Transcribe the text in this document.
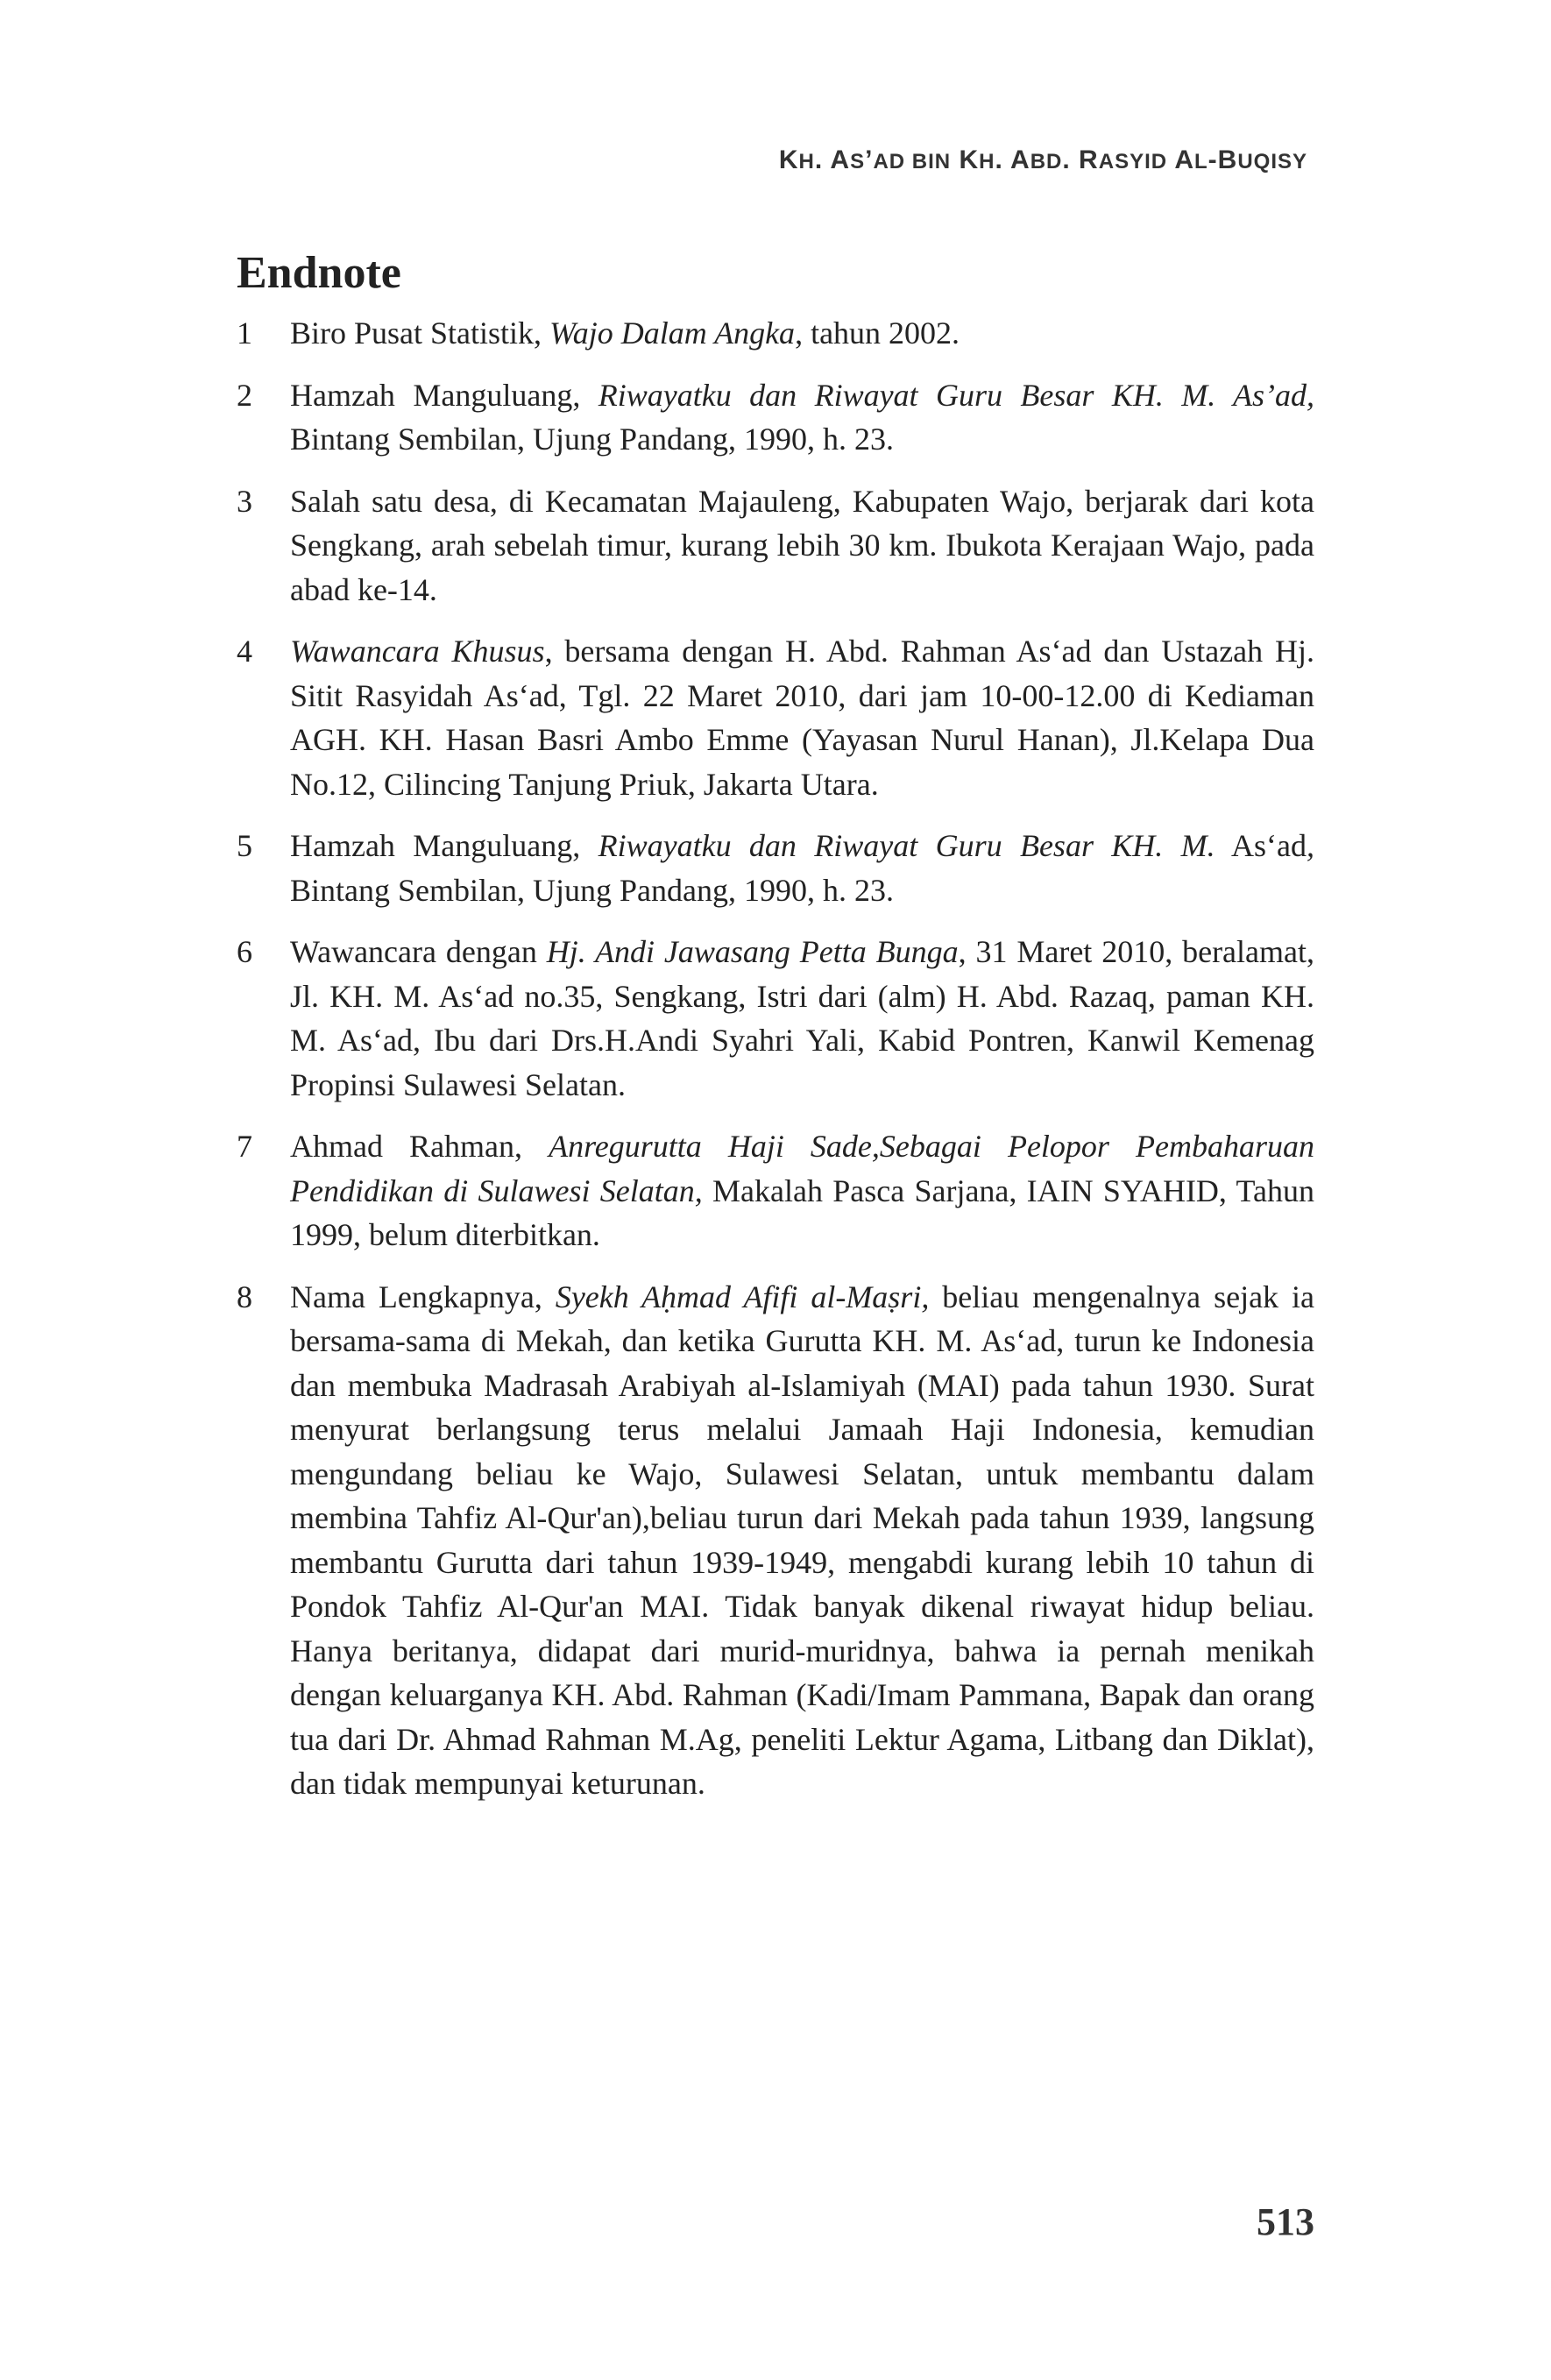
KH. AS’AD BIN KH. ABD. RASYID AL-BUQISY
Endnote
1	Biro Pusat Statistik, Wajo Dalam Angka, tahun 2002.

2	Hamzah Manguluang, Riwayatku dan Riwayat Guru Besar KH. M. As’ad, Bintang Sembilan, Ujung Pandang, 1990, h. 23.

3	Salah satu desa, di Kecamatan Majauleng, Kabupaten Wajo, berjarak dari kota Sengkang, arah sebelah timur, kurang lebih 30 km. Ibukota Kerajaan Wajo, pada abad ke-14.

4	Wawancara Khusus, bersama dengan H. Abd. Rahman As‘ad dan Ustazah Hj. Sitit Rasyidah As‘ad, Tgl. 22 Maret 2010, dari jam 10-00-12.00 di Kediaman AGH. KH. Hasan Basri Ambo Emme (Yayasan Nurul Hanan), Jl.Kelapa Dua No.12, Cilincing Tanjung Priuk, Jakarta Utara.

5	Hamzah Manguluang, Riwayatku dan Riwayat Guru Besar KH. M. As‘ad, Bintang Sembilan, Ujung Pandang, 1990, h. 23.

6	Wawancara dengan Hj. Andi Jawasang Petta Bunga, 31 Maret 2010, beralamat, Jl. KH. M. As‘ad no.35, Sengkang, Istri dari (alm) H. Abd. Razaq, paman KH. M. As‘ad, Ibu dari Drs.H.Andi Syahri Yali, Kabid Pontren, Kanwil Kemenag Propinsi Sulawesi Selatan.

7	Ahmad Rahman, Anregurutta Haji Sade,Sebagai Pelopor Pembaharuan Pendidikan di Sulawesi Selatan, Makalah Pasca Sarjana, IAIN SYAHID, Tahun 1999, belum diterbitkan.

8	Nama Lengkapnya, Syekh Aḥmad Afifi al-Maṣri, beliau mengenalnya sejak ia bersama-sama di Mekah, dan ketika Gurutta KH. M. As‘ad, turun ke Indonesia dan membuka Madrasah Arabiyah al-Islamiyah (MAI) pada tahun 1930. Surat menyurat berlangsung terus melalui Jamaah Haji Indonesia, kemudian mengundang beliau ke Wajo, Sulawesi Selatan, untuk membantu dalam membina Tahfiz Al-Qur'an),beliau turun dari Mekah pada tahun 1939, langsung membantu Gurutta dari tahun 1939-1949, mengabdi kurang lebih 10 tahun di Pondok Tahfiz Al-Qur'an MAI. Tidak banyak dikenal riwayat hidup beliau. Hanya beritanya, didapat dari murid-muridnya, bahwa ia pernah menikah dengan keluarganya KH. Abd. Rahman (Kadi/Imam Pammana, Bapak dan orang tua dari Dr. Ahmad Rahman M.Ag, peneliti Lektur Agama, Litbang dan Diklat), dan tidak mempunyai keturunan.

513
